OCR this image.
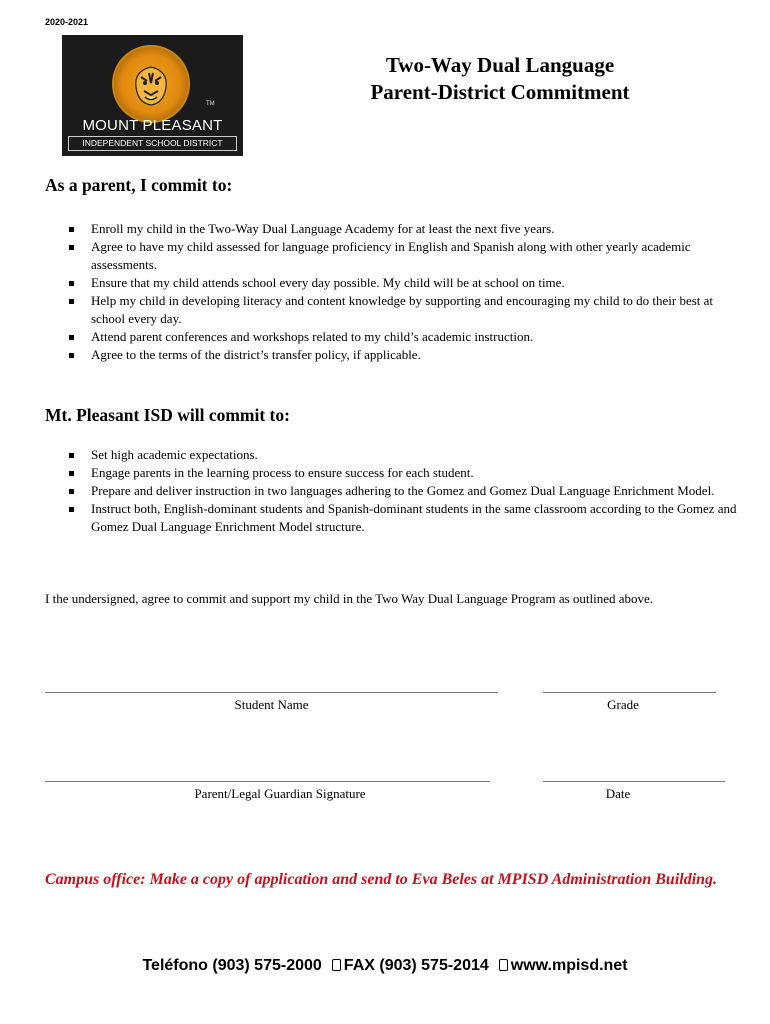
2020-2021
TM
MOUNT PLEASANT
INDEPENDENT SCHOOL DISTRICT
Two-Way Dual Language
Parent-District Commitment
As a parent, I commit to:
Enroll my child in the Two-Way Dual Language Academy for at least the next five years.
Agree to have my child assessed for language proficiency in English and Spanish along with other yearly academic assessments.
Ensure that my child attends school every day possible. My child will be at school on time.
Help my child in developing literacy and content knowledge by supporting and encouraging my child to do their best at school every day.
Attend parent conferences and workshops related to my child’s academic instruction.
Agree to the terms of the district’s transfer policy, if applicable.
Mt. Pleasant ISD will commit to:
Set high academic expectations.
Engage parents in the learning process to ensure success for each student.
Prepare and deliver instruction in two languages adhering to the Gomez and Gomez Dual Language Enrichment Model.
Instruct both, English-dominant students and Spanish-dominant students in the same classroom according to the Gomez and Gomez Dual Language Enrichment Model structure.
I the undersigned, agree to commit and support my child in the Two Way Dual Language Program as outlined above.
Student Name	Grade
Parent/Legal Guardian Signature	Date
Campus office: Make a copy of application and send to Eva Beles at MPISD Administration Building.
Teléfono (903) 575-2000 FAX (903) 575-2014 www.mpisd.net
